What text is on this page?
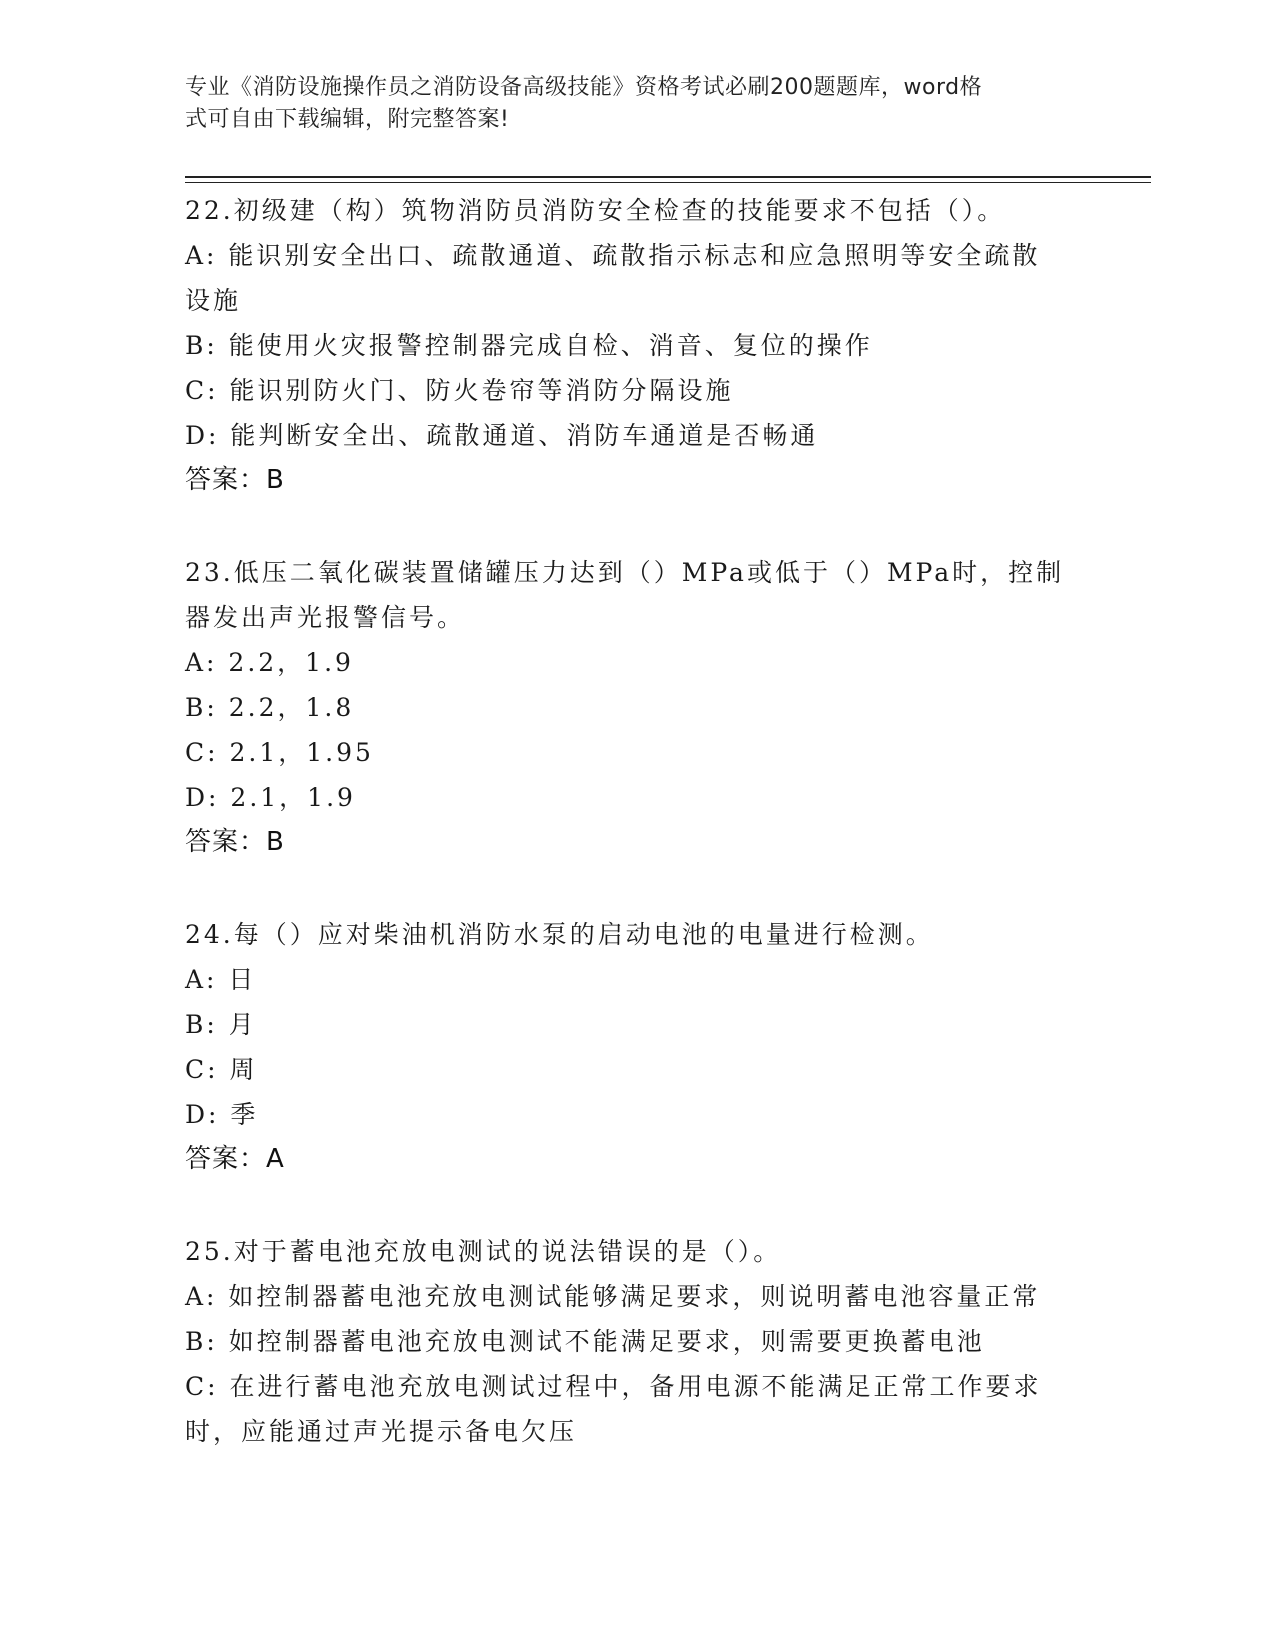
专业《消防设施操作员之消防设备高级技能》资格考试必刷200题题库，word格
式可自由下载编辑，附完整答案!
22.初级建（构）筑物消防员消防安全检查的技能要求不包括（）。
A: 能识别安全出口、疏散通道、疏散指示标志和应急照明等安全疏散
设施
B: 能使用火灾报警控制器完成自检、消音、复位的操作
C: 能识别防火门、防火卷帘等消防分隔设施
D: 能判断安全出、疏散通道、消防车通道是否畅通
答案：B
23.低压二氧化碳装置储罐压力达到（）MPa或低于（）MPa时，控制
器发出声光报警信号。
A: 2.2，1.9
B: 2.2，1.8
C: 2.1，1.95
D: 2.1，1.9
答案：B
24.每（）应对柴油机消防水泵的启动电池的电量进行检测。
A: 日
B: 月
C: 周
D: 季
答案：A
25.对于蓄电池充放电测试的说法错误的是（）。
A: 如控制器蓄电池充放电测试能够满足要求，则说明蓄电池容量正常
B: 如控制器蓄电池充放电测试不能满足要求，则需要更换蓄电池
C: 在进行蓄电池充放电测试过程中，备用电源不能满足正常工作要求
时，应能通过声光提示备电欠压
